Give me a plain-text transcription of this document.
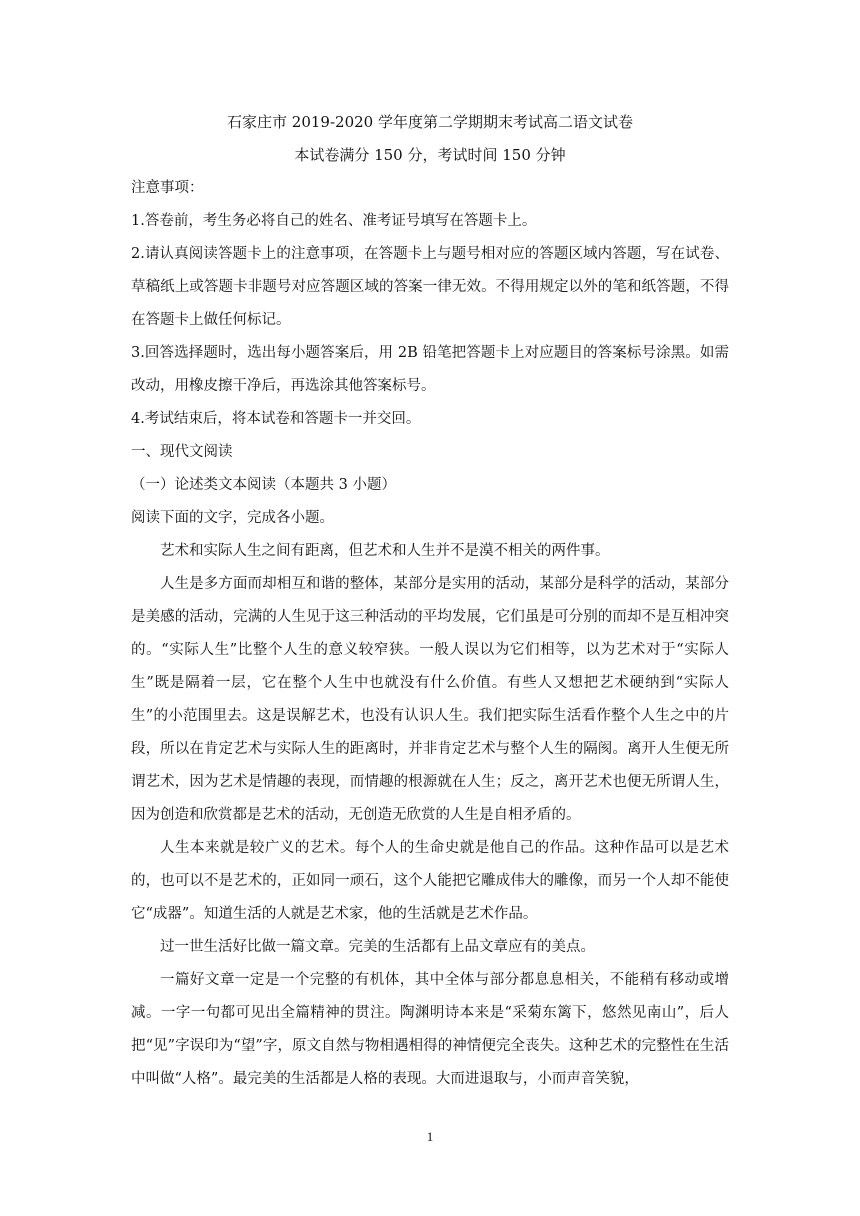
石家庄市 2019-2020 学年度第二学期期末考试高二语文试卷

本试卷满分 150 分，考试时间 150 分钟

注意事项：

1.答卷前，考生务必将自己的姓名、准考证号填写在答题卡上。

2.请认真阅读答题卡上的注意事项，在答题卡上与题号相对应的答题区域内答题，写在试卷、草稿纸上或答题卡非题号对应答题区域的答案一律无效。不得用规定以外的笔和纸答题，不得在答题卡上做任何标记。

3.回答选择题时，选出每小题答案后，用 2B 铅笔把答题卡上对应题目的答案标号涂黑。如需改动，用橡皮擦干净后，再选涂其他答案标号。

4.考试结束后，将本试卷和答题卡一并交回。

一、现代文阅读

（一）论述类文本阅读（本题共 3 小题）

阅读下面的文字，完成各小题。

艺术和实际人生之间有距离，但艺术和人生并不是漠不相关的两件事。

人生是多方面而却相互和谐的整体，某部分是实用的活动，某部分是科学的活动，某部分是美感的活动，完满的人生见于这三种活动的平均发展，它们虽是可分别的而却不是互相冲突的。“实际人生”比整个人生的意义较窄狭。一般人误以为它们相等，以为艺术对于“实际人生”既是隔着一层，它在整个人生中也就没有什么价值。有些人又想把艺术硬纳到“实际人生”的小范围里去。这是误解艺术，也没有认识人生。我们把实际生活看作整个人生之中的片段，所以在肯定艺术与实际人生的距离时，并非肯定艺术与整个人生的隔阂。离开人生便无所谓艺术，因为艺术是情趣的表现，而情趣的根源就在人生；反之，离开艺术也便无所谓人生，因为创造和欣赏都是艺术的活动，无创造无欣赏的人生是自相矛盾的。

人生本来就是较广义的艺术。每个人的生命史就是他自己的作品。这种作品可以是艺术的，也可以不是艺术的，正如同一顽石，这个人能把它雕成伟大的雕像，而另一个人却不能使它“成器”。知道生活的人就是艺术家，他的生活就是艺术作品。

过一世生活好比做一篇文章。完美的生活都有上品文章应有的美点。

一篇好文章一定是一个完整的有机体，其中全体与部分都息息相关，不能稍有移动或增减。一字一句都可见出全篇精神的贯注。陶渊明诗本来是“采菊东篱下，悠然见南山”，后人把“见”字误印为“望”字，原文自然与物相遇相得的神情便完全丧失。这种艺术的完整性在生活中叫做“人格”。最完美的生活都是人格的表现。大而进退取与，小而声音笑貌，

1
